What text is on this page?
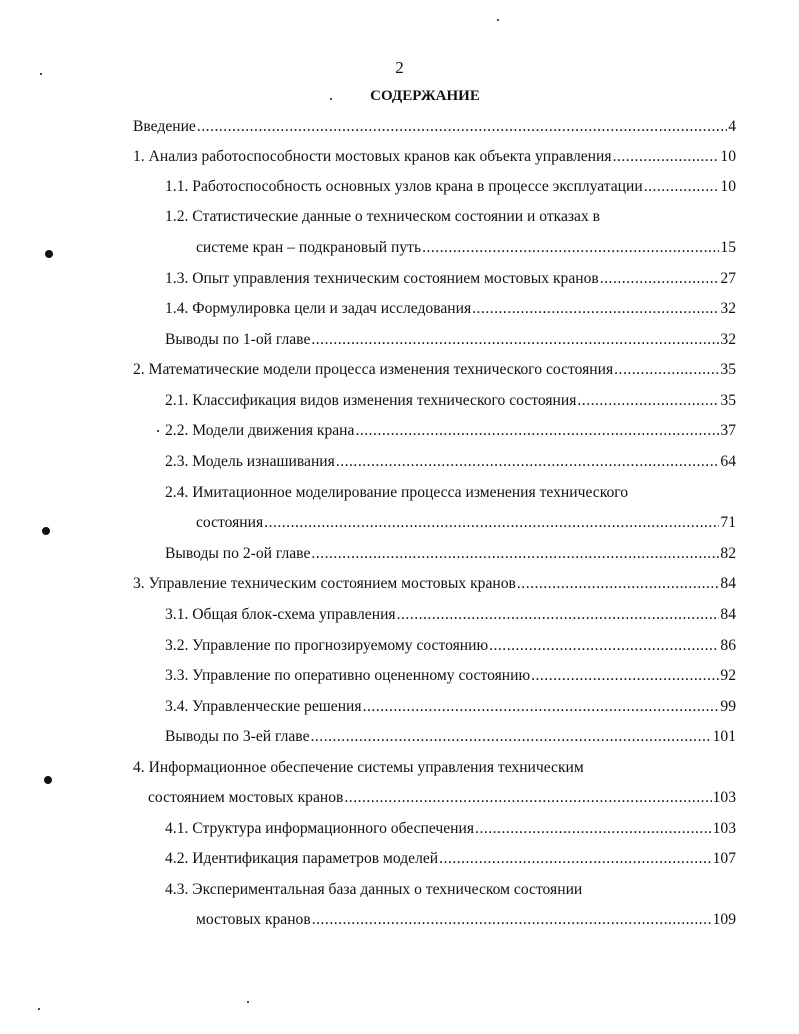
2
СОДЕРЖАНИЕ
Введение .....	4
1. Анализ работоспособности мостовых кранов как объекта управления .....	10
1.1. Работоспособность основных узлов крана в процессе эксплуатации .....	10
1.2. Статистические данные о техническом состоянии и отказах в
системе кран – подкрановый путь .....	15
1.3. Опыт управления техническим состоянием мостовых кранов .....	27
1.4. Формулировка цели и задач исследования .....	32
Выводы по 1-ой главе .....	32
2. Математические модели процесса изменения технического состояния .....	35
2.1. Классификация видов изменения технического состояния .....	35
2.2. Модели движения крана .....	37
2.3. Модель изнашивания .....	64
2.4. Имитационное моделирование процесса изменения технического
состояния .....	71
Выводы по 2-ой главе .....	82
3. Управление техническим состоянием мостовых кранов .....	84
3.1. Общая блок-схема управления .....	84
3.2. Управление по прогнозируемому состоянию .....	86
3.3. Управление по оперативно оцененному состоянию .....	92
3.4. Управленческие решения .....	99
Выводы по 3-ей главе .....	101
4. Информационное обеспечение системы управления техническим
состоянием мостовых кранов .....	103
4.1. Структура информационного обеспечения .....	103
4.2. Идентификация параметров моделей .....	107
4.3. Экспериментальная база данных о техническом состоянии
мостовых кранов .....	109
